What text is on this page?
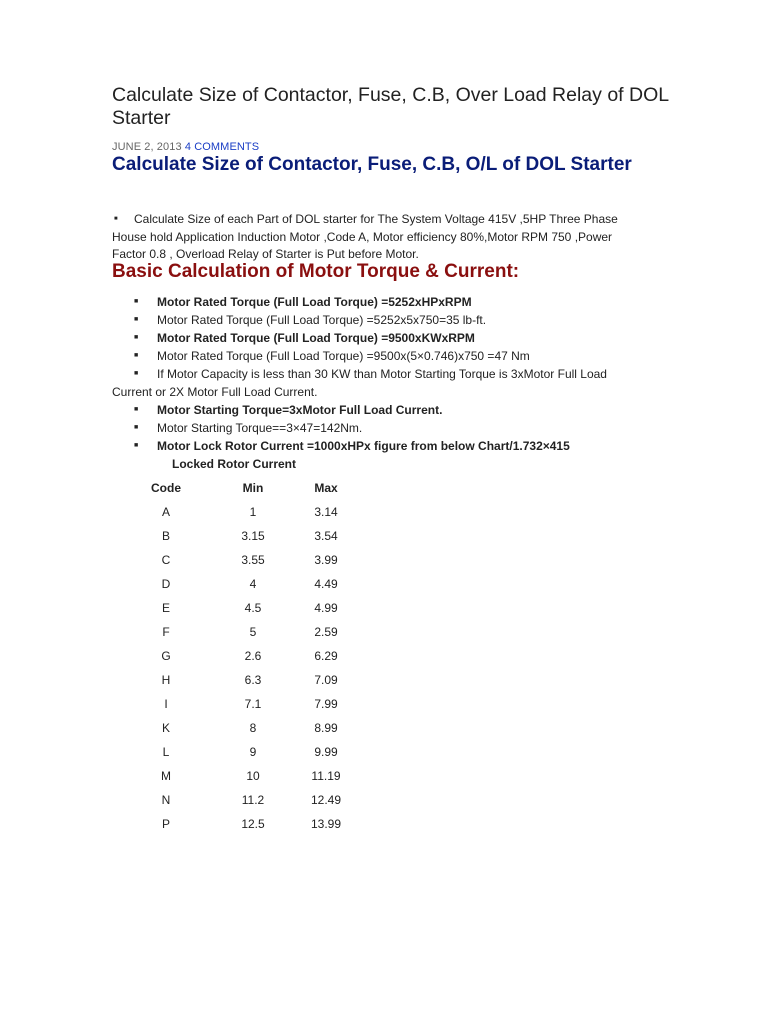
Calculate Size of Contactor, Fuse, C.B, Over Load Relay of DOL Starter
JUNE 2, 2013 4 COMMENTS
Calculate Size of Contactor, Fuse, C.B, O/L of DOL Starter
■ Calculate Size of each Part of DOL starter for The System Voltage 415V ,5HP Three Phase House hold Application Induction Motor ,Code A, Motor efficiency 80%,Motor RPM 750 ,Power Factor 0.8 , Overload Relay of Starter is Put before Motor.
Basic Calculation of Motor Torque & Current:
■ Motor Rated Torque (Full Load Torque) =5252xHPxRPM
■ Motor Rated Torque (Full Load Torque) =5252x5x750=35 lb-ft.
■ Motor Rated Torque (Full Load Torque) =9500xKWxRPM
■ Motor Rated Torque (Full Load Torque) =9500x(5×0.746)x750 =47 Nm
■ If Motor Capacity is less than 30 KW than Motor Starting Torque is 3xMotor Full Load Current or 2X Motor Full Load Current.
■ Motor Starting Torque=3xMotor Full Load Current.
■ Motor Starting Torque==3×47=142Nm.
■ Motor Lock Rotor Current =1000xHPx figure from below Chart/1.732×415
Locked Rotor Current
Code	Min	Max
A	1	3.14
B	3.15	3.54
C	3.55	3.99
D	4	4.49
E	4.5	4.99
F	5	2.59
G	2.6	6.29
H	6.3	7.09
I	7.1	7.99
K	8	8.99
L	9	9.99
M	10	11.19
N	11.2	12.49
P	12.5	13.99
